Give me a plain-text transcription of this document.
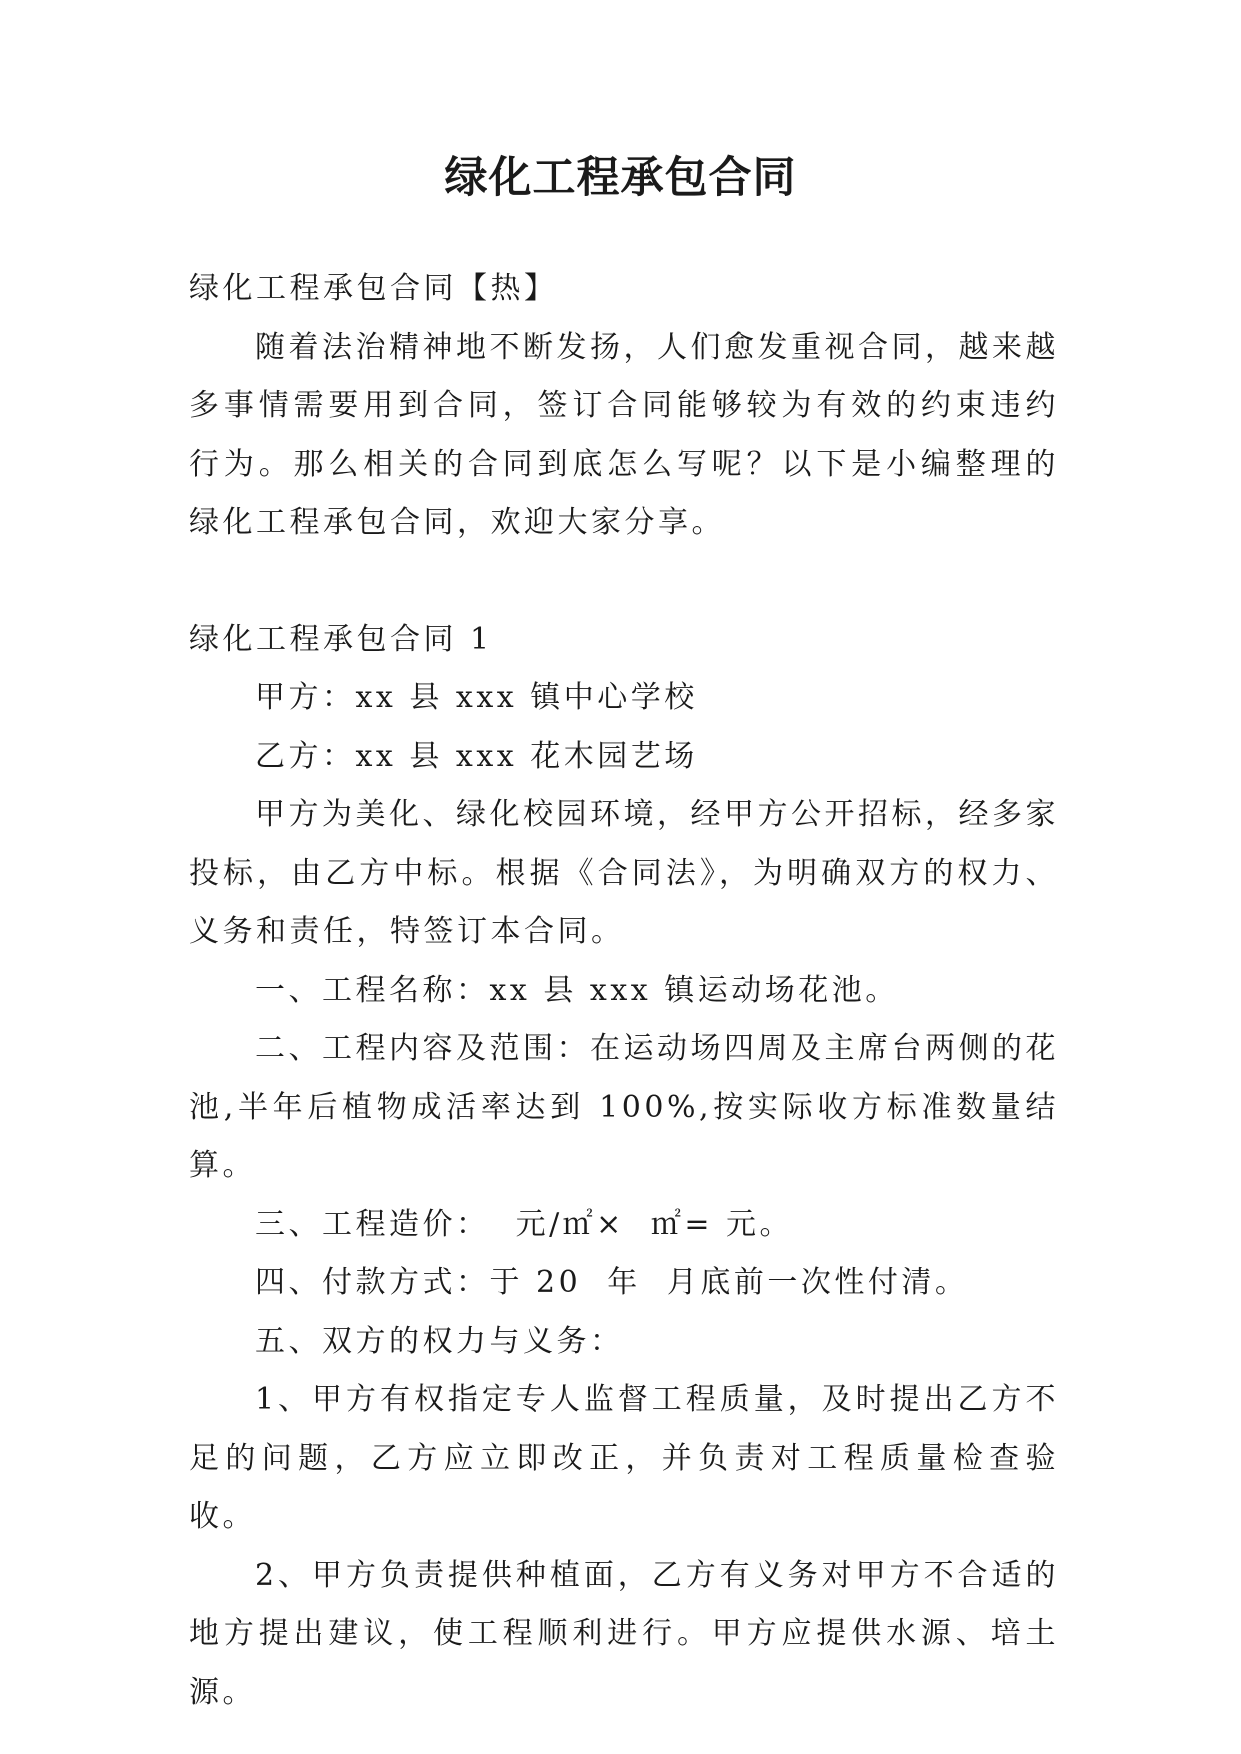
绿化工程承包合同

绿化工程承包合同【热】

随着法治精神地不断发扬，人们愈发重视合同，越来越多事情需要用到合同，签订合同能够较为有效的约束违约行为。那么相关的合同到底怎么写呢？以下是小编整理的绿化工程承包合同，欢迎大家分享。

绿化工程承包合同 1

甲方：xx 县 xxx 镇中心学校

乙方：xx 县 xxx 花木园艺场

甲方为美化、绿化校园环境，经甲方公开招标，经多家投标，由乙方中标。根据《合同法》，为明确双方的权力、义务和责任，特签订本合同。

一、工程名称：xx 县 xxx 镇运动场花池。

二、工程内容及范围：在运动场四周及主席台两侧的花池,半年后植物成活率达到 100%,按实际收方标准数量结算。

三、工程造价：  元/㎡×  ㎡= 元。

四、付款方式：于 20  年  月底前一次性付清。

五、双方的权力与义务：

1、甲方有权指定专人监督工程质量，及时提出乙方不足的问题，乙方应立即改正，并负责对工程质量检查验收。

2、甲方负责提供种植面，乙方有义务对甲方不合适的地方提出建议，使工程顺利进行。甲方应提供水源、培土源。
